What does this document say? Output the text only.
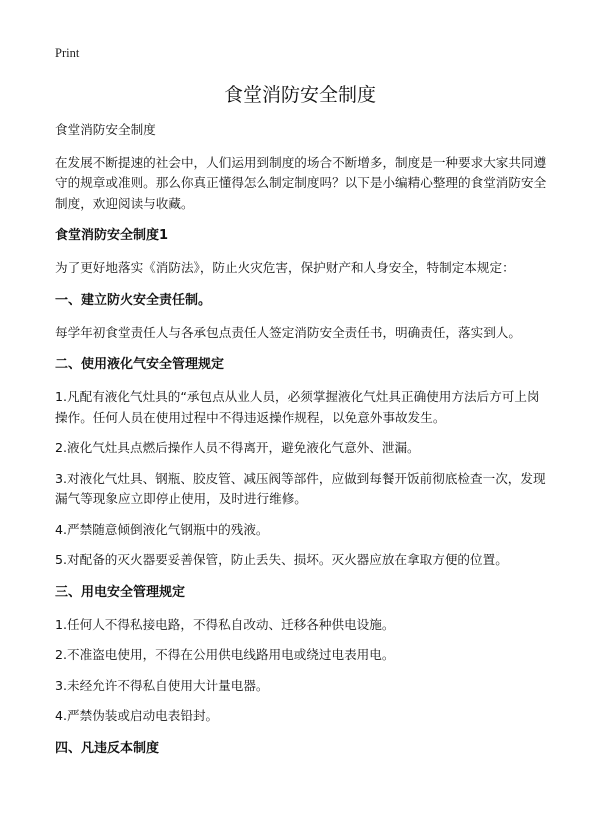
Print
食堂消防安全制度

食堂消防安全制度

在发展不断提速的社会中，人们运用到制度的场合不断增多，制度是一种要求大家共同遵守的规章或准则。那么你真正懂得怎么制定制度吗？以下是小编精心整理的食堂消防安全制度，欢迎阅读与收藏。

食堂消防安全制度1

为了更好地落实《消防法》，防止火灾危害，保护财产和人身安全，特制定本规定：

一、建立防火安全责任制。

每学年初食堂责任人与各承包点责任人签定消防安全责任书，明确责任，落实到人。

二、使用液化气安全管理规定

1.凡配有液化气灶具的“承包点从业人员，必须掌握液化气灶具正确使用方法后方可上岗操作。任何人员在使用过程中不得违返操作规程，以免意外事故发生。

2.液化气灶具点燃后操作人员不得离开，避免液化气意外、泄漏。

3.对液化气灶具、钢瓶、胶皮管、减压阀等部件，应做到每餐开饭前彻底检查一次，发现漏气等现象应立即停止使用，及时进行维修。

4.严禁随意倾倒液化气钢瓶中的残液。

5.对配备的灭火器要妥善保管，防止丢失、损坏。灭火器应放在拿取方便的位置。

三、用电安全管理规定

1.任何人不得私接电路，不得私自改动、迁移各种供电设施。

2.不准盗电使用，不得在公用供电线路用电或绕过电表用电。

3.未经允许不得私自使用大计量电器。

4.严禁伪装或启动电表铅封。

四、凡违反本制度
